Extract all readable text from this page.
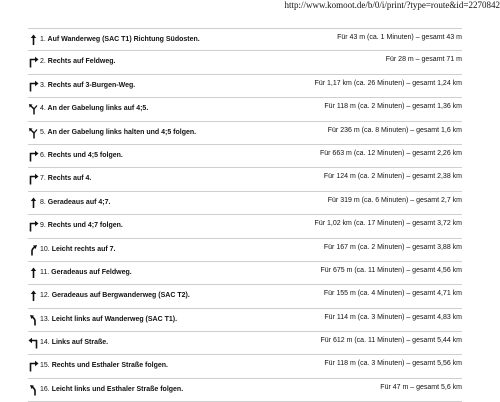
http://www.komoot.de/b/0/i/print/?type=route&id=2270842
1. Auf Wanderweg (SAC T1) Richtung Südosten.	Für 43 m (ca. 1 Minuten) – gesamt 43 m
2. Rechts auf Feldweg.	Für 28 m – gesamt 71 m
3. Rechts auf 3-Burgen-Weg.	Für 1,17 km (ca. 26 Minuten) – gesamt 1,24 km
4. An der Gabelung links auf 4;5.	Für 118 m (ca. 2 Minuten) – gesamt 1,36 km
5. An der Gabelung links halten und 4;5 folgen.	Für 236 m (ca. 8 Minuten) – gesamt 1,6 km
6. Rechts und 4;5 folgen.	Für 663 m (ca. 12 Minuten) – gesamt 2,26 km
7. Rechts auf 4.	Für 124 m (ca. 2 Minuten) – gesamt 2,38 km
8. Geradeaus auf 4;7.	Für 319 m (ca. 6 Minuten) – gesamt 2,7 km
9. Rechts und 4;7 folgen.	Für 1,02 km (ca. 17 Minuten) – gesamt 3,72 km
10. Leicht rechts auf 7.	Für 167 m (ca. 2 Minuten) – gesamt 3,88 km
11. Geradeaus auf Feldweg.	Für 675 m (ca. 11 Minuten) – gesamt 4,56 km
12. Geradeaus auf Bergwanderweg (SAC T2).	Für 155 m (ca. 4 Minuten) – gesamt 4,71 km
13. Leicht links auf Wanderweg (SAC T1).	Für 114 m (ca. 3 Minuten) – gesamt 4,83 km
14. Links auf Straße.	Für 612 m (ca. 11 Minuten) – gesamt 5,44 km
15. Rechts und Esthaler Straße folgen.	Für 118 m (ca. 3 Minuten) – gesamt 5,56 km
16. Leicht links und Esthaler Straße folgen.	Für 47 m – gesamt 5,6 km
